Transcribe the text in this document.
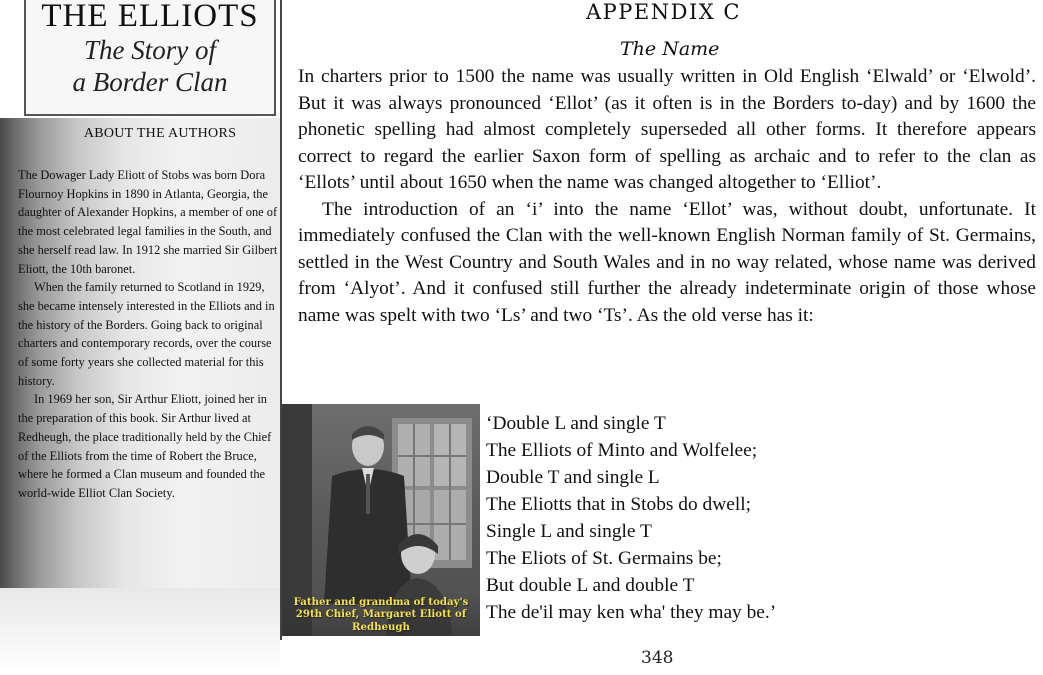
THE ELLIOTS
The Story of
a Border Clan
ABOUT THE AUTHORS

The Dowager Lady Eliott of Stobs was born Dora Flournoy Hopkins in 1890 in Atlanta, Georgia, the daughter of Alexander Hopkins, a member of one of the most celebrated legal families in the South, and she herself read law. In 1912 she married Sir Gilbert Eliott, the 10th baronet.

When the family returned to Scotland in 1929, she became intensely interested in the Elliots and in the history of the Borders. Going back to original charters and contemporary records, over the course of some forty years she collected material for this history.

In 1969 her son, Sir Arthur Eliott, joined her in the preparation of this book. Sir Arthur lived at Redheugh, the place traditionally held by the Chief of the Elliots from the time of Robert the Bruce, where he formed a Clan museum and founded the world-wide Elliot Clan Society.

APPENDIX C
The Name

In charters prior to 1500 the name was usually written in Old English ‘Elwald’ or ‘Elwold’. But it was always pronounced ‘Ellot’ (as it often is in the Borders to-day) and by 1600 the phonetic spelling had almost completely superseded all other forms. It therefore appears correct to regard the earlier Saxon form of spelling as archaic and to refer to the clan as ‘Ellots’ until about 1650 when the name was changed altogether to ‘Elliot’.

The introduction of an ‘i’ into the name ‘Ellot’ was, without doubt, unfortunate. It immediately confused the Clan with the well-known English Norman family of St. Germains, settled in the West Country and South Wales and in no way related, whose name was derived from ‘Alyot’. And it confused still further the already indeterminate origin of those whose name was spelt with two ‘Ls’ and two ‘Ts’. As the old verse has it:

Father and grandma of today's 29th Chief, Margaret Eliott of Redheugh
‘Double L and single T
The Elliots of Minto and Wolfelee;
Double T and single L
The Eliotts that in Stobs do dwell;
Single L and single T
The Eliots of St. Germains be;
But double L and double T
The de'il may ken wha' they may be.’
348
